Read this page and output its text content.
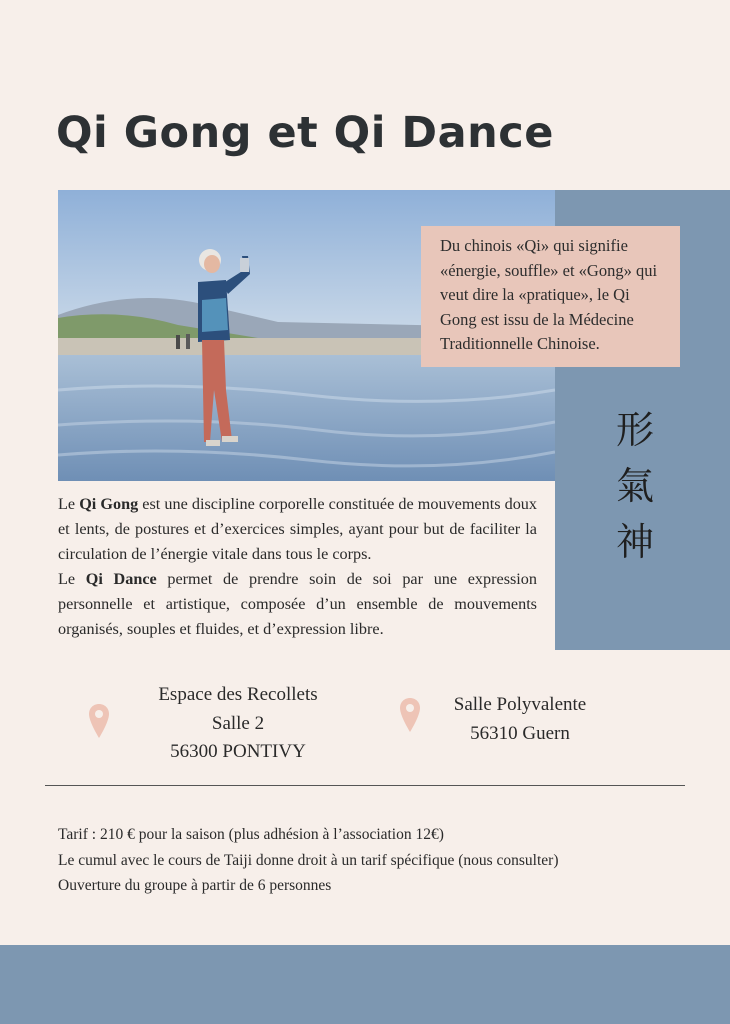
Qi Gong et Qi Dance
Du chinois «Qi» qui signifie «énergie, souffle» et «Gong» qui veut dire la «pratique», le Qi Gong est issu de la Médecine Traditionnelle Chinoise.
形
氣
神

Le Qi Gong est une discipline corporelle constituée de mouvements doux et lents, de postures et d’exercices simples, ayant pour but de faciliter la circulation de l’énergie vitale dans tous le corps.

Le Qi Dance permet de prendre soin de soi par une expression personnelle et artistique, composée d’un ensemble de mouvements organisés, souples et fluides, et d’expression libre.

Espace des Recollets
Salle 2
56300 PONTIVY
Salle Polyvalente
56310 Guern
Tarif : 210 € pour la saison (plus adhésion à l’association 12€)
Le cumul avec le cours de Taiji donne droit à un tarif spécifique (nous consulter)
Ouverture du groupe à partir de 6 personnes
